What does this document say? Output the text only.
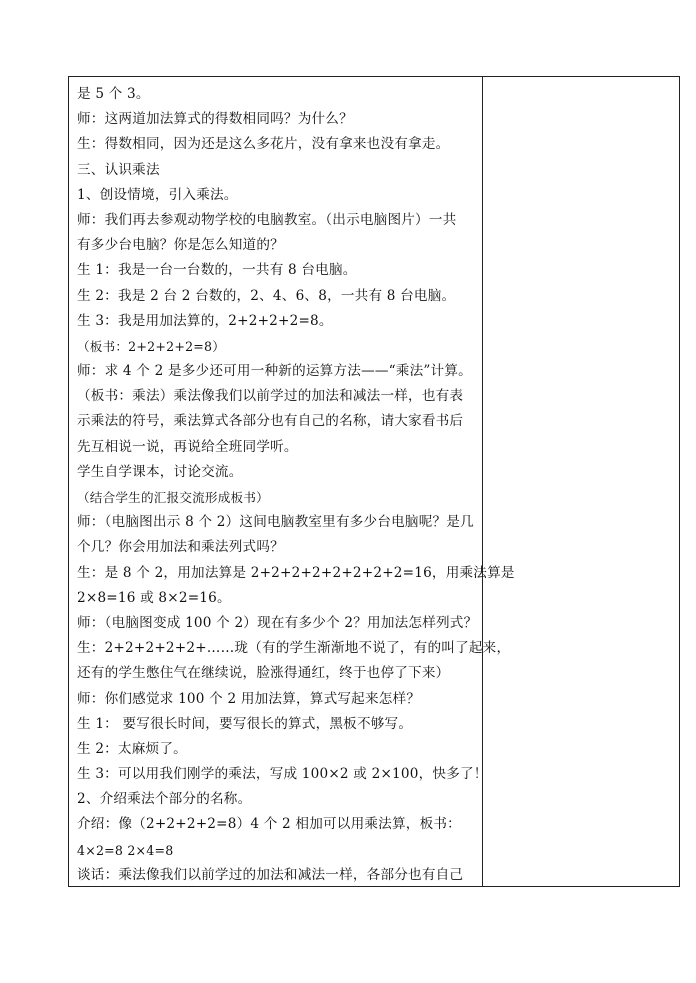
是 5 个 3。
师：这两道加法算式的得数相同吗？为什么？
生：得数相同，因为还是这么多花片，没有拿来也没有拿走。
三、认识乘法
1、创设情境，引入乘法。
师：我们再去参观动物学校的电脑教室。（出示电脑图片）一共
有多少台电脑？你是怎么知道的？
生 1：我是一台一台数的，一共有 8 台电脑。
生 2：我是 2 台 2 台数的，2、4、6、8，一共有 8 台电脑。
生 3：我是用加法算的，2+2+2+2=8。
（板书：2+2+2+2=8）
师：求 4 个 2 是多少还可用一种新的运算方法——“乘法”计算。
（板书：乘法）乘法像我们以前学过的加法和减法一样，也有表
示乘法的符号，乘法算式各部分也有自己的名称，请大家看书后
先互相说一说，再说给全班同学听。
学生自学课本，讨论交流。
（结合学生的汇报交流形成板书）
师：（电脑图出示 8 个 2）这间电脑教室里有多少台电脑呢？是几
个几？你会用加法和乘法列式吗？
生：是 8 个 2，用加法算是 2+2+2+2+2+2+2+2=16，用乘法算是
2×8=16 或 8×2=16。
师：（电脑图变成 100 个 2）现在有多少个 2？用加法怎样列式？
生：2+2+2+2+2+……珑（有的学生渐渐地不说了，有的叫了起来，
还有的学生憋住气在继续说，脸涨得通红，终于也停了下来）
师：你们感觉求 100 个 2 用加法算，算式写起来怎样？
生 1： 要写很长时间，要写很长的算式，黑板不够写。
生 2：太麻烦了。
生 3：可以用我们刚学的乘法，写成 100×2 或 2×100，快多了！
2、介绍乘法个部分的名称。
介绍：像（2+2+2+2=8）4 个 2 相加可以用乘法算，板书：
4×2=8 2×4=8
谈话：乘法像我们以前学过的加法和减法一样，各部分也有自己
